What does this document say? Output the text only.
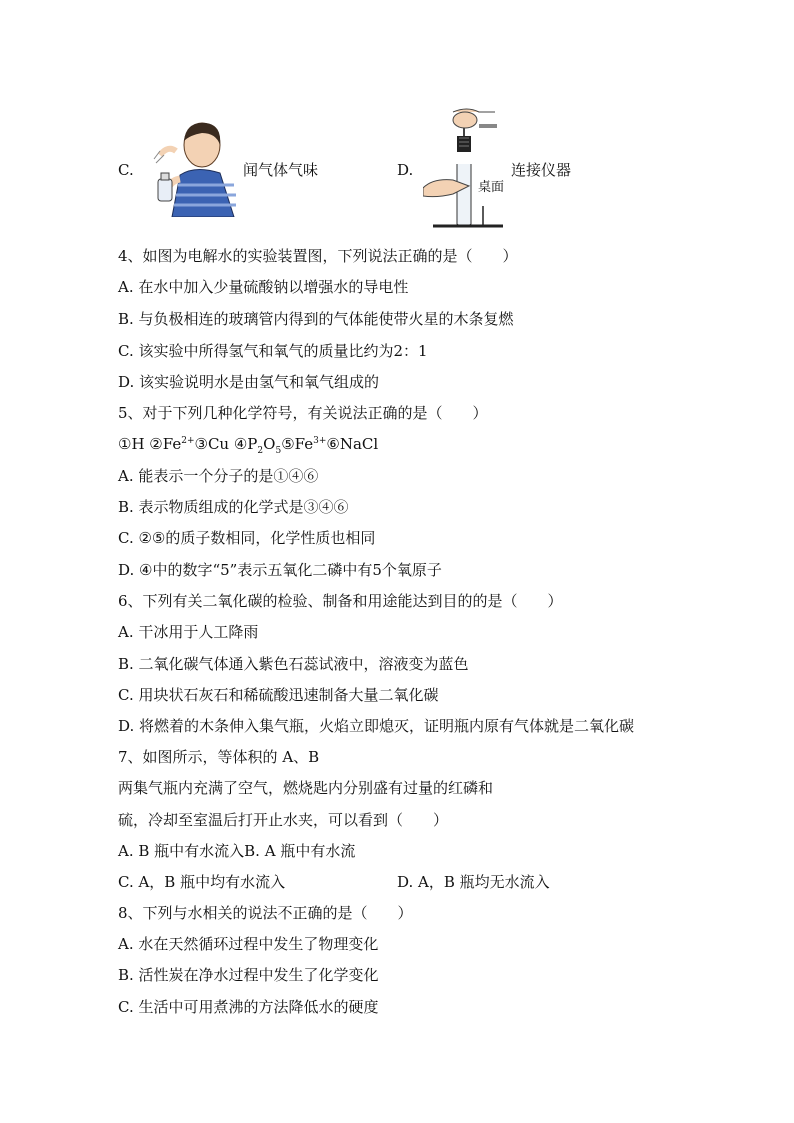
C.	闻气体气味	D.
桌面
连接仪器
4、如图为电解水的实验装置图，下列说法正确的是（　　）
A. 在水中加入少量硫酸钠以增强水的导电性
B. 与负极相连的玻璃管内得到的气体能使带火星的木条复燃
C. 该实验中所得氢气和氧气的质量比约为2：1
D. 该实验说明水是由氢气和氧气组成的
5、对于下列几种化学符号，有关说法正确的是（　　）
①H $②Fe^{2+}③Cu$ $④P_2O_5⑤Fe^{3+}⑥NaCl$
A. 能表示一个分子的是①④⑥
B. 表示物质组成的化学式是③④⑥
C. ②⑤的质子数相同，化学性质也相同
D. ④中的数字“5”表示五氧化二磷中有5个氧原子
6、下列有关二氧化碳的检验、制备和用途能达到目的的是（　　）
A. 干冰用于人工降雨
B. 二氧化碳气体通入紫色石蕊试液中，溶液变为蓝色
C. 用块状石灰石和稀硫酸迅速制备大量二氧化碳
D. 将燃着的木条伸入集气瓶，火焰立即熄灭，证明瓶内原有气体就是二氧化碳
7、如图所示，等体积的 A、B
两集气瓶内充满了空气，燃烧匙内分别盛有过量的红磷和
硫，冷却至室温后打开止水夹，可以看到（　　）
A. B 瓶中有水流入B. A 瓶中有水流
C. A，B 瓶中均有水流入	D. A，B 瓶均无水流入
8、下列与水相关的说法不正确的是（　　）
A. 水在天然循环过程中发生了物理变化
B. 活性炭在净水过程中发生了化学变化
C. 生活中可用煮沸的方法降低水的硬度
